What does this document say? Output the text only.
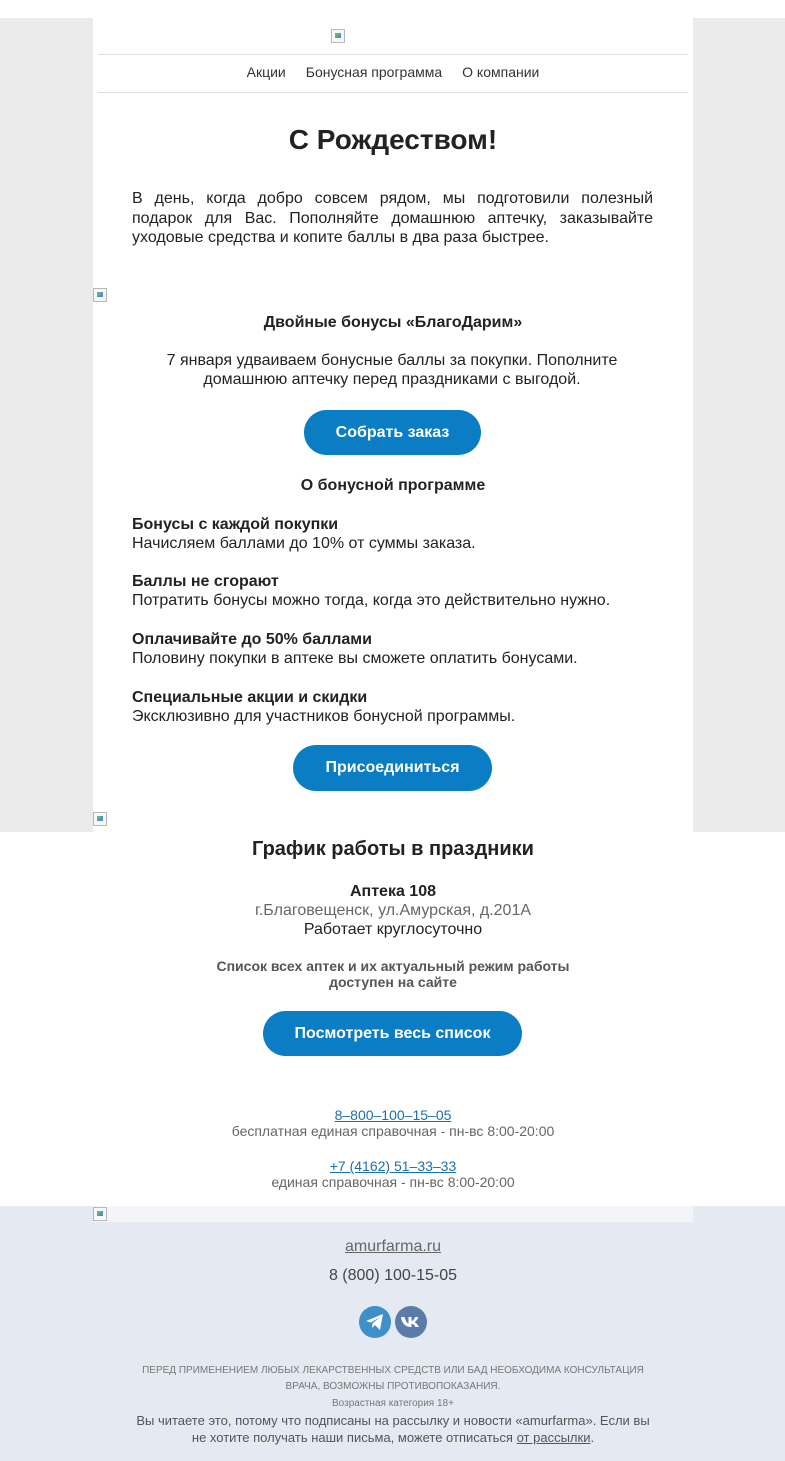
Акции Бонусная программа О компании
С Рождеством!
В день, когда добро совсем рядом, мы подготовили полезный подарок для Вас. Пополняйте домашнюю аптечку, заказывайте уходовые средства и копите баллы в два раза быстрее.
Двойные бонусы «БлагоДарим»
7 января удваиваем бонусные баллы за покупки. Пополните домашнюю аптечку перед праздниками с выгодой.
Собрать заказ
О бонусной программе
Бонусы с каждой покупки
Начисляем баллами до 10% от суммы заказа.
Баллы не сгорают
Потратить бонусы можно тогда, когда это действительно нужно.
Оплачивайте до 50% баллами
Половину покупки в аптеке вы сможете оплатить бонусами.
Специальные акции и скидки
Эксклюзивно для участников бонусной программы.
Присоединиться
График работы в праздники
Аптека 108
г.Благовещенск, ул.Амурская, д.201А
Работает круглосуточно
Список всех аптек и их актуальный режим работы доступен на сайте
Посмотреть весь список
8–800–100–15–05
бесплатная единая справочная - пн-вс 8:00-20:00
+7 (4162) 51–33–33
единая справочная - пн-вс 8:00-20:00
amurfarma.ru
8 (800) 100-15-05
ПЕРЕД ПРИМЕНЕНИЕМ ЛЮБЫХ ЛЕКАРСТВЕННЫХ СРЕДСТВ ИЛИ БАД НЕОБХОДИМА КОНСУЛЬТАЦИЯ ВРАЧА, ВОЗМОЖНЫ ПРОТИВОПОКАЗАНИЯ.
Возрастная категория 18+
Вы читаете это, потому что подписаны на рассылку и новости «amurfarma». Если вы не хотите получать наши письма, можете отписаться от рассылки.
